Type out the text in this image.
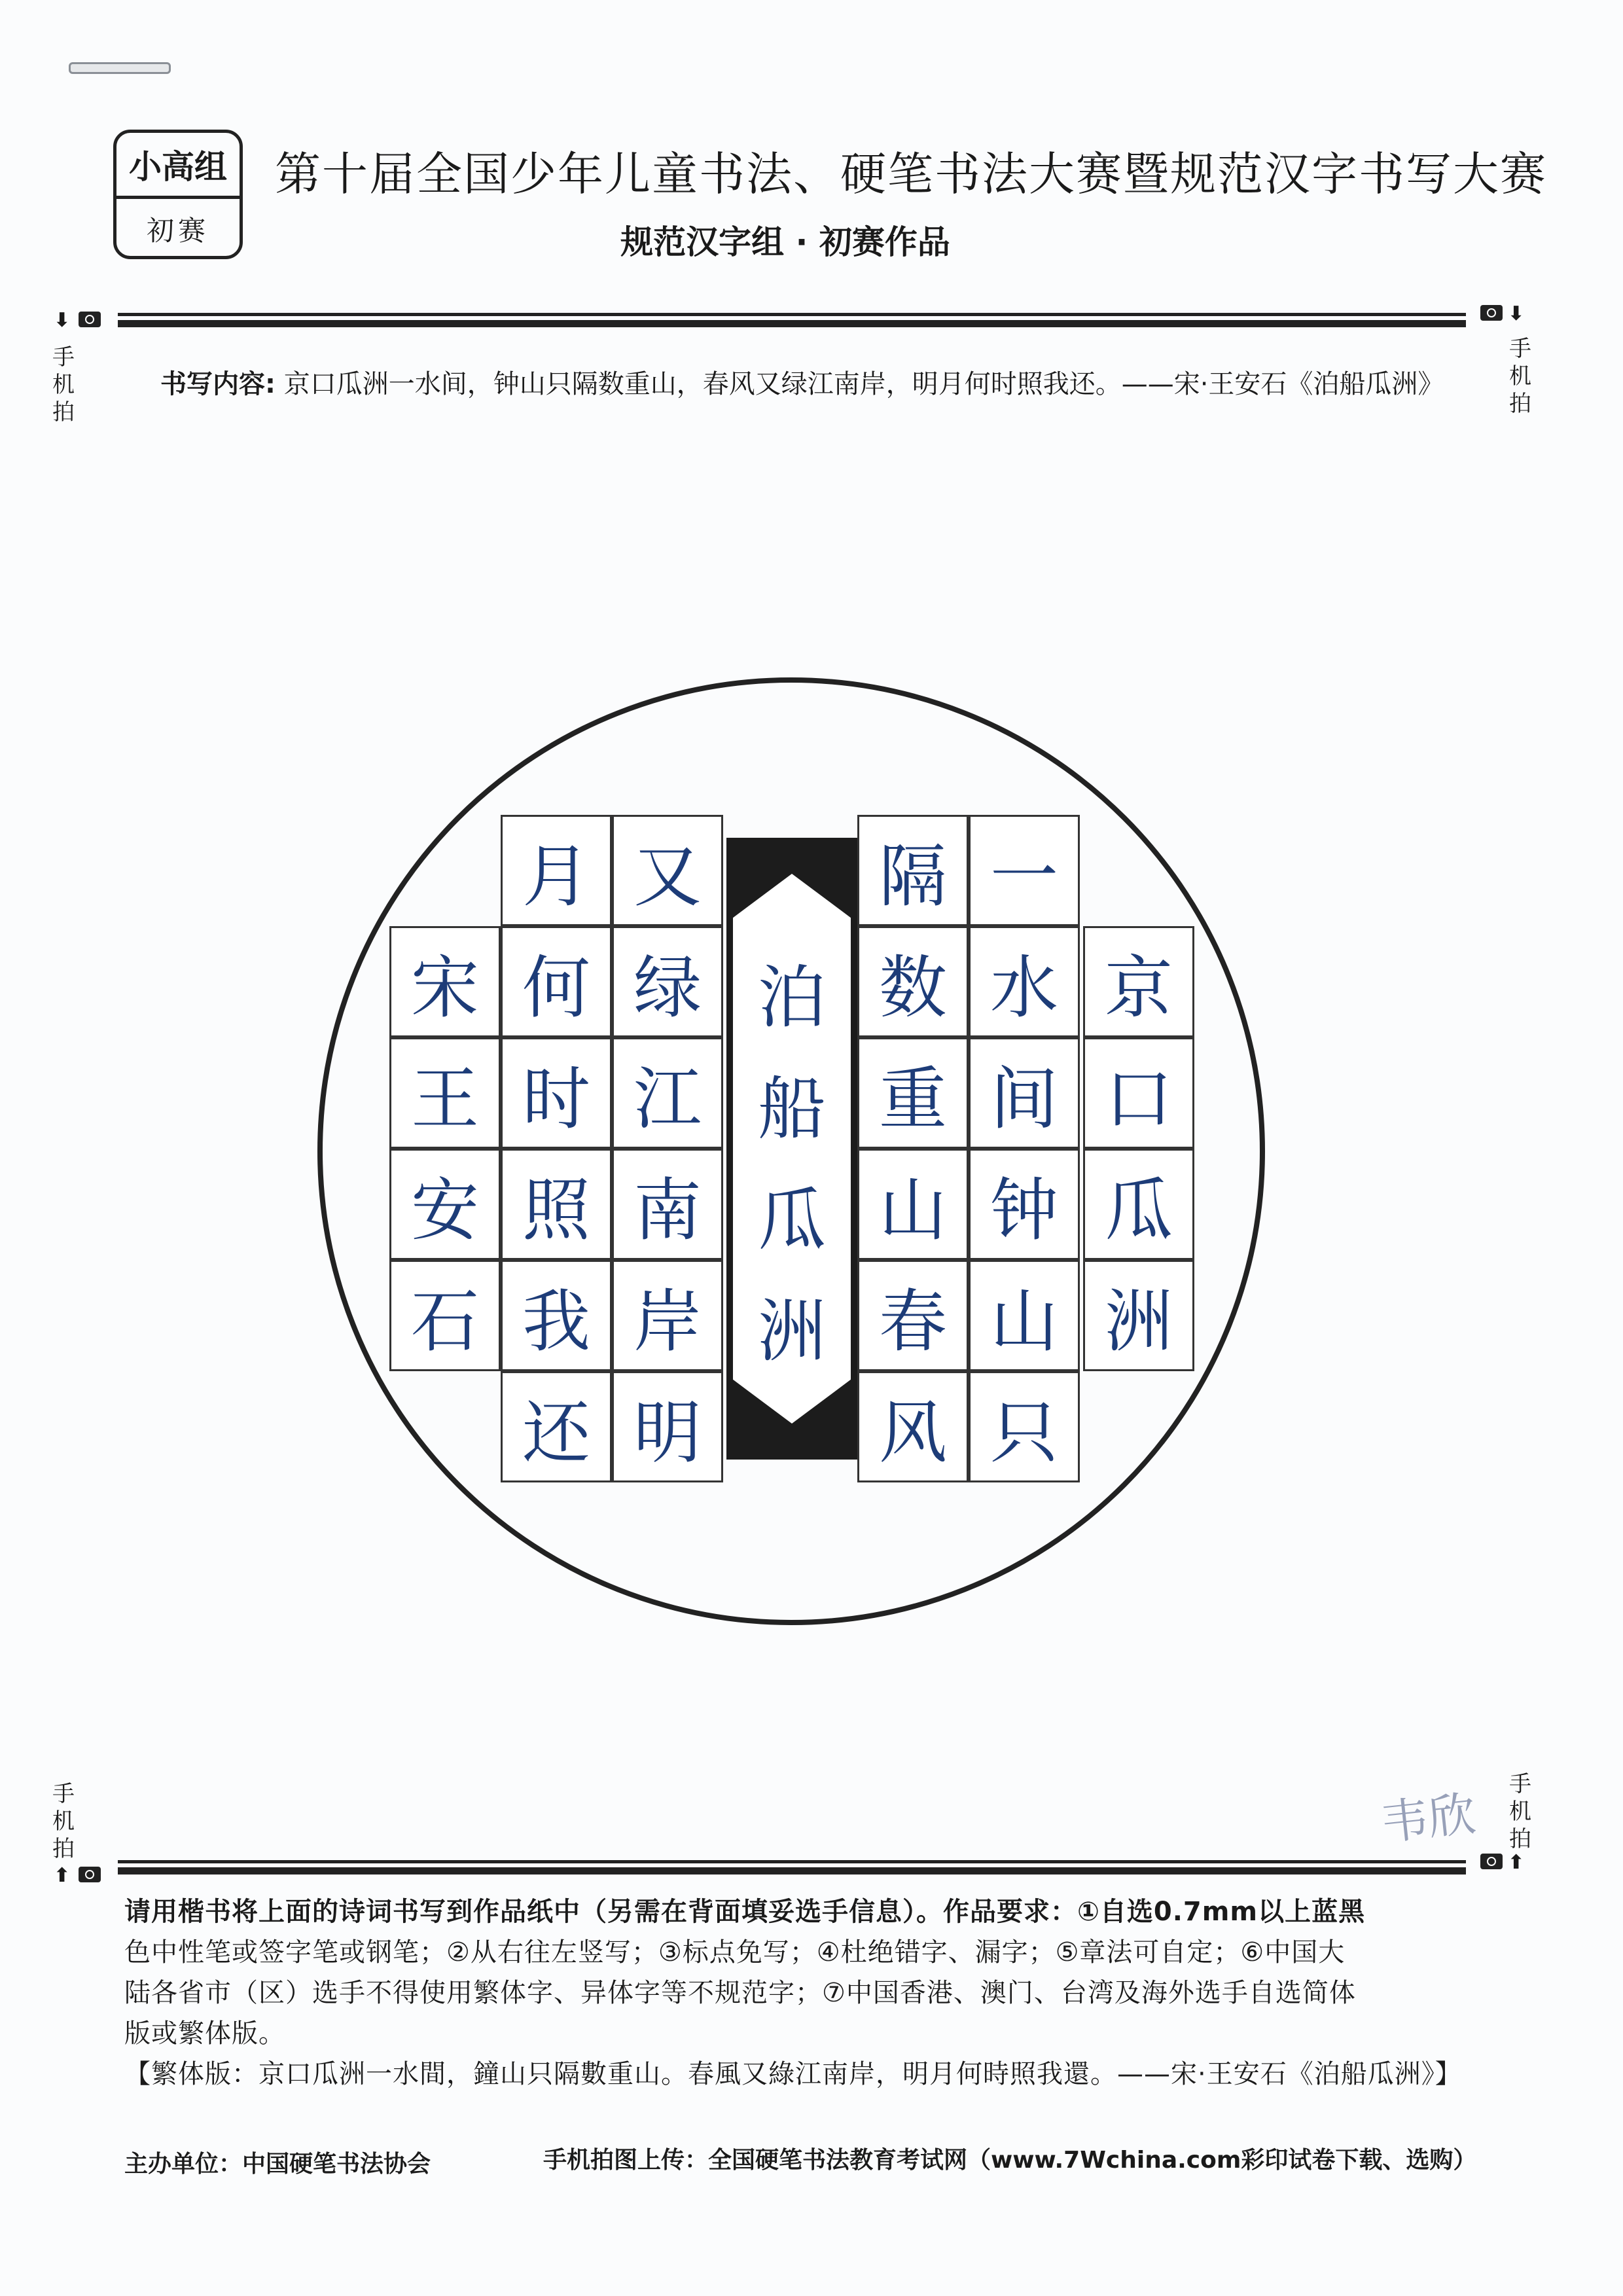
小高组
初赛
第十届全国少年儿童书法、硬笔书法大赛暨规范汉字书写大赛
规范汉字组 · 初赛作品
⬇
手机拍
⬇
手机拍
书写内容: 京口瓜洲一水间，钟山只隔数重山，春风又绿江南岸，明月何时照我还。——宋·王安石《泊船瓜洲》
京
口
瓜
洲
又
绿
江
南
岸
明
一
水
间
钟
山
只
月
何
时
照
我
还
隔
数
重
山
春
风
宋
王
安
石
泊
船
瓜
洲
韦欣
手机拍
⬆
手机拍
⬆
请用楷书将上面的诗词书写到作品纸中（另需在背面填妥选手信息）。作品要求：①自选0.7mm以上蓝黑
色中性笔或签字笔或钢笔；②从右往左竖写；③标点免写；④杜绝错字、漏字；⑤章法可自定；⑥中国大
陆各省市（区）选手不得使用繁体字、异体字等不规范字；⑦中国香港、澳门、台湾及海外选手自选简体
版或繁体版。
【繁体版：京口瓜洲一水間，鐘山只隔數重山。春風又綠江南岸，明月何時照我還。——宋·王安石《泊船瓜洲》】
主办单位：中国硬笔书法协会	手机拍图上传：全国硬笔书法教育考试网（www.7Wchina.com彩印试卷下载、选购）
